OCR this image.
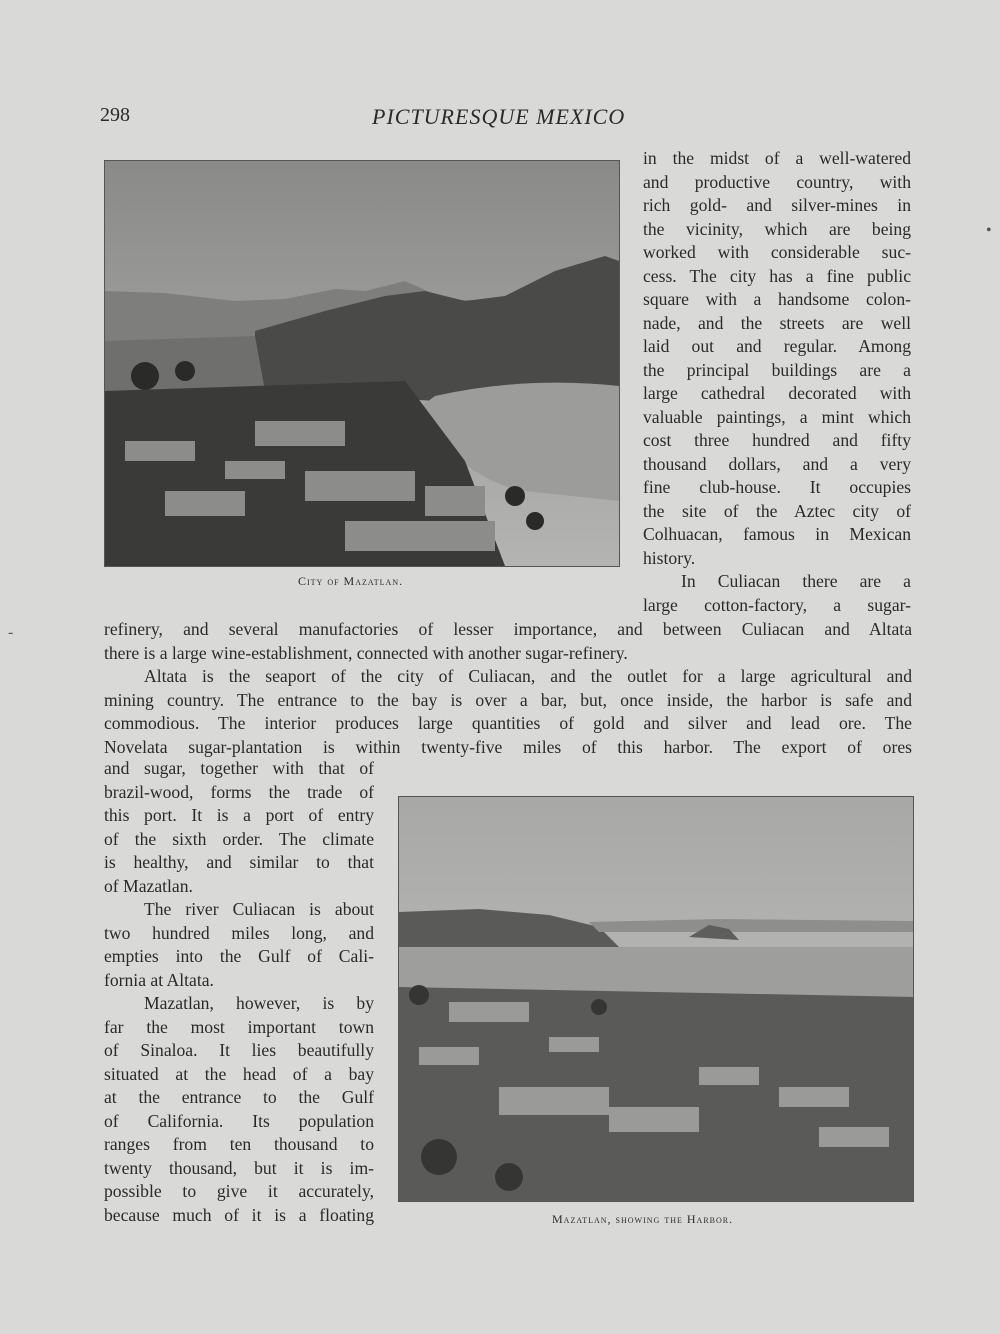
298	PICTURESQUE MEXICO
City of Mazatlan.
Mazatlan, showing the Harbor.
in the midst of a well-watered
and productive country, with
rich gold- and silver-mines in
the vicinity, which are being
worked with considerable suc-
cess. The city has a fine public
square with a handsome colon-
nade, and the streets are well
laid out and regular. Among
the principal buildings are a
large cathedral decorated with
valuable paintings, a mint which
cost three hundred and fifty
thousand dollars, and a very
fine club-house. It occupies
the site of the Aztec city of
Colhuacan, famous in Mexican
history.
In Culiacan there are a
large cotton-factory, a sugar-
refinery, and several manufactories of lesser importance, and between Culiacan and Altata
there is a large wine-establishment, connected with another sugar-refinery.
Altata is the seaport of the city of Culiacan, and the outlet for a large agricultural and
mining country. The entrance to the bay is over a bar, but, once inside, the harbor is safe and
commodious. The interior produces large quantities of gold and silver and lead ore. The
Novelata sugar-plantation is within twenty-five miles of this harbor. The export of ores
and sugar, together with that of
brazil-wood, forms the trade of
this port. It is a port of entry
of the sixth order. The climate
is healthy, and similar to that
of Mazatlan.
The river Culiacan is about
two hundred miles long, and
empties into the Gulf of Cali-
fornia at Altata.
Mazatlan, however, is by
far the most important town
of Sinaloa. It lies beautifully
situated at the head of a bay
at the entrance to the Gulf
of California. Its population
ranges from ten thousand to
twenty thousand, but it is im-
possible to give it accurately,
because much of it is a floating
-
•
